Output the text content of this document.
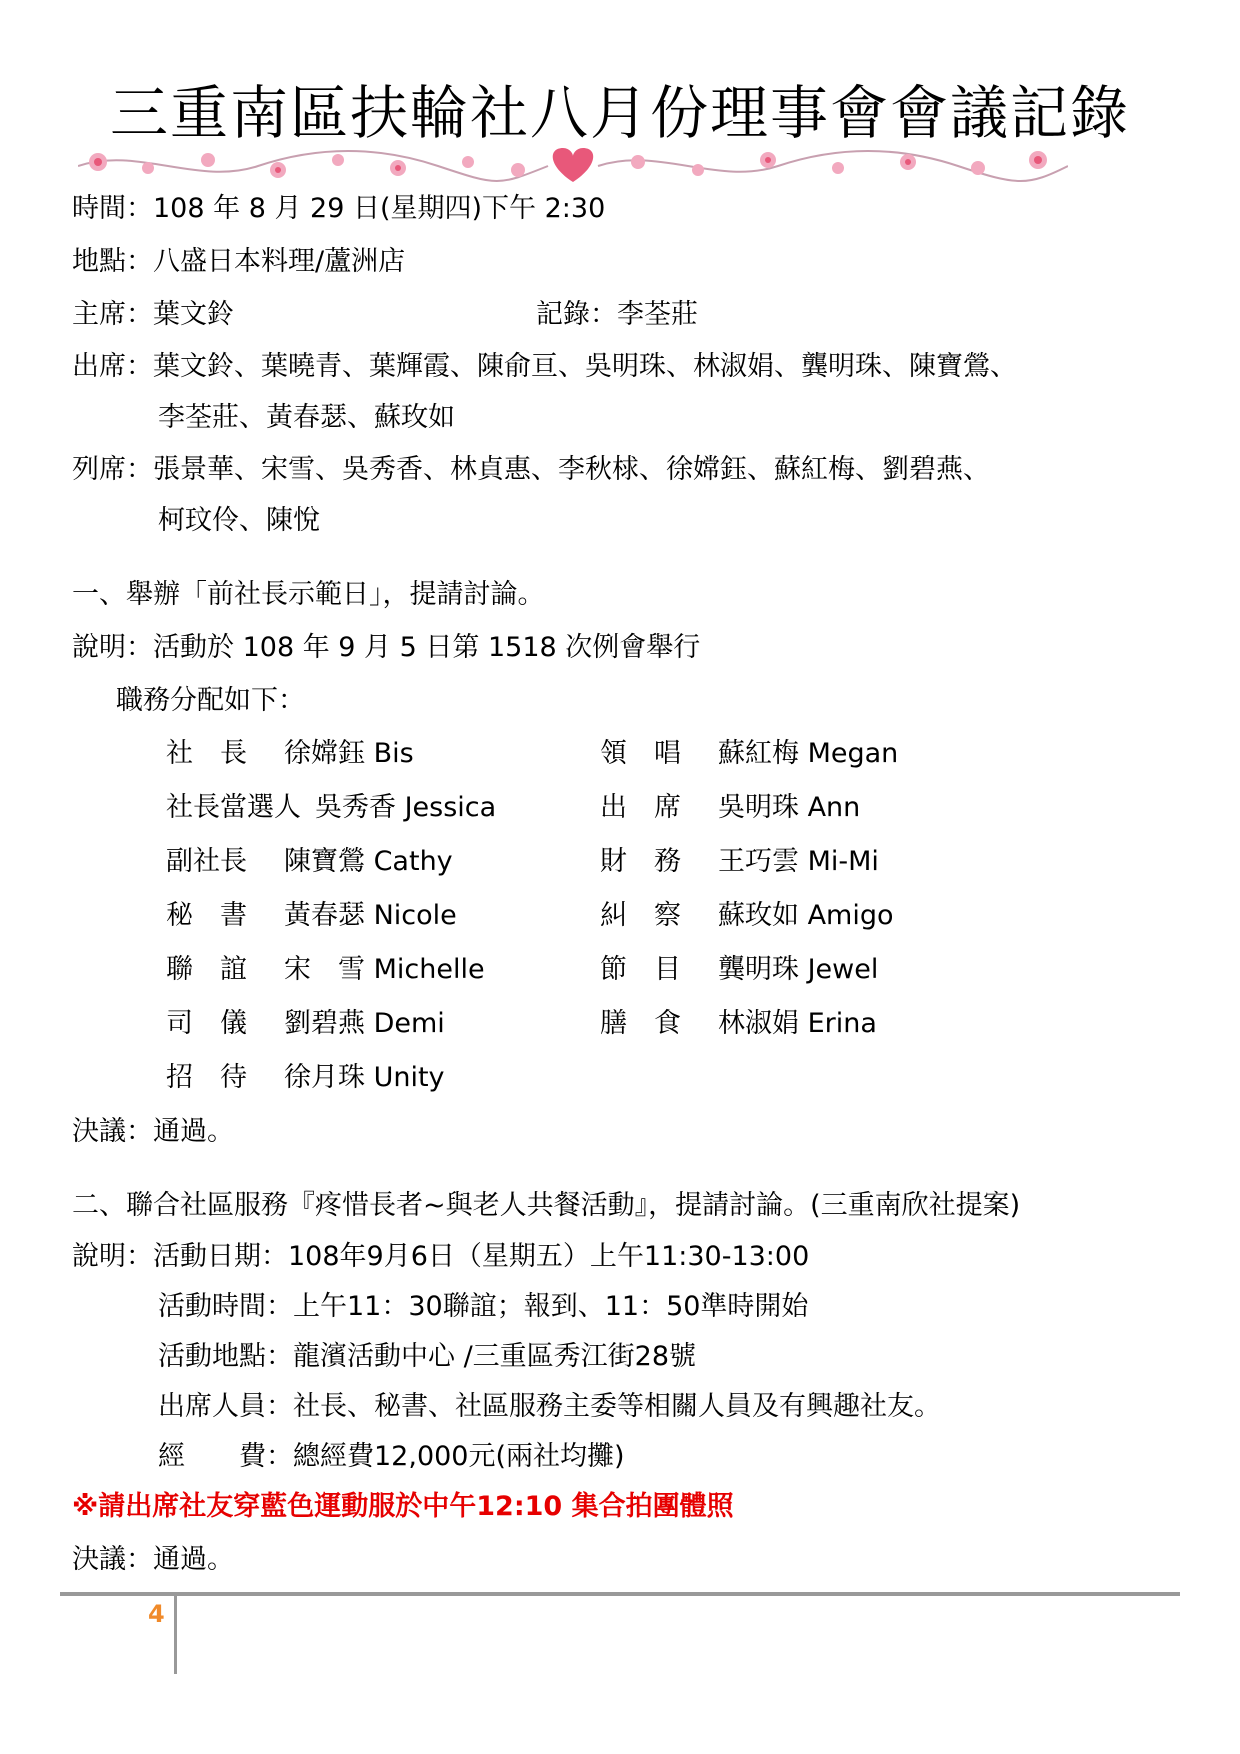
三重南區扶輪社八月份理事會會議記錄
時間：108 年 8 月 29 日(星期四)下午 2:30
地點：八盛日本料理/蘆洲店
主席：葉文鈴	記錄：李荃莊
出席：葉文鈴、葉曉青、葉輝霞、陳俞亘、吳明珠、林淑娟、龔明珠、陳寶鶯、
李荃莊、黃春瑟、蘇玫如
列席：張景華、宋雪、吳秀香、林貞惠、李秋梂、徐嫦鈺、蘇紅梅、劉碧燕、
柯玟伶、陳悅
一、舉辦「前社長示範日」，提請討論。
說明：活動於 108 年 9 月 5 日第 1518 次例會舉行
職務分配如下：
社　長 徐嫦鈺 Bis
社長當選人 吳秀香 Jessica
副社長 陳寶鶯 Cathy
秘　書 黃春瑟 Nicole
聯　誼 宋　雪 Michelle
司　儀 劉碧燕 Demi
招　待 徐月珠 Unity
領　唱 蘇紅梅 Megan
出　席 吳明珠 Ann
財　務 王巧雲 Mi-Mi
糾　察 蘇玫如 Amigo
節　目 龔明珠 Jewel
膳　食 林淑娟 Erina
決議：通過。
二、聯合社區服務『疼惜長者~與老人共餐活動』，提請討論。(三重南欣社提案)
說明：活動日期：108年9月6日（星期五）上午11:30-13:00
活動時間：上午11：30聯誼；報到、11：50準時開始
活動地點：龍濱活動中心 /三重區秀江街28號
出席人員：社長、秘書、社區服務主委等相關人員及有興趣社友。
經　　費：總經費12,000元(兩社均攤)
※請出席社友穿藍色運動服於中午12:10 集合拍團體照
決議：通過。
4
